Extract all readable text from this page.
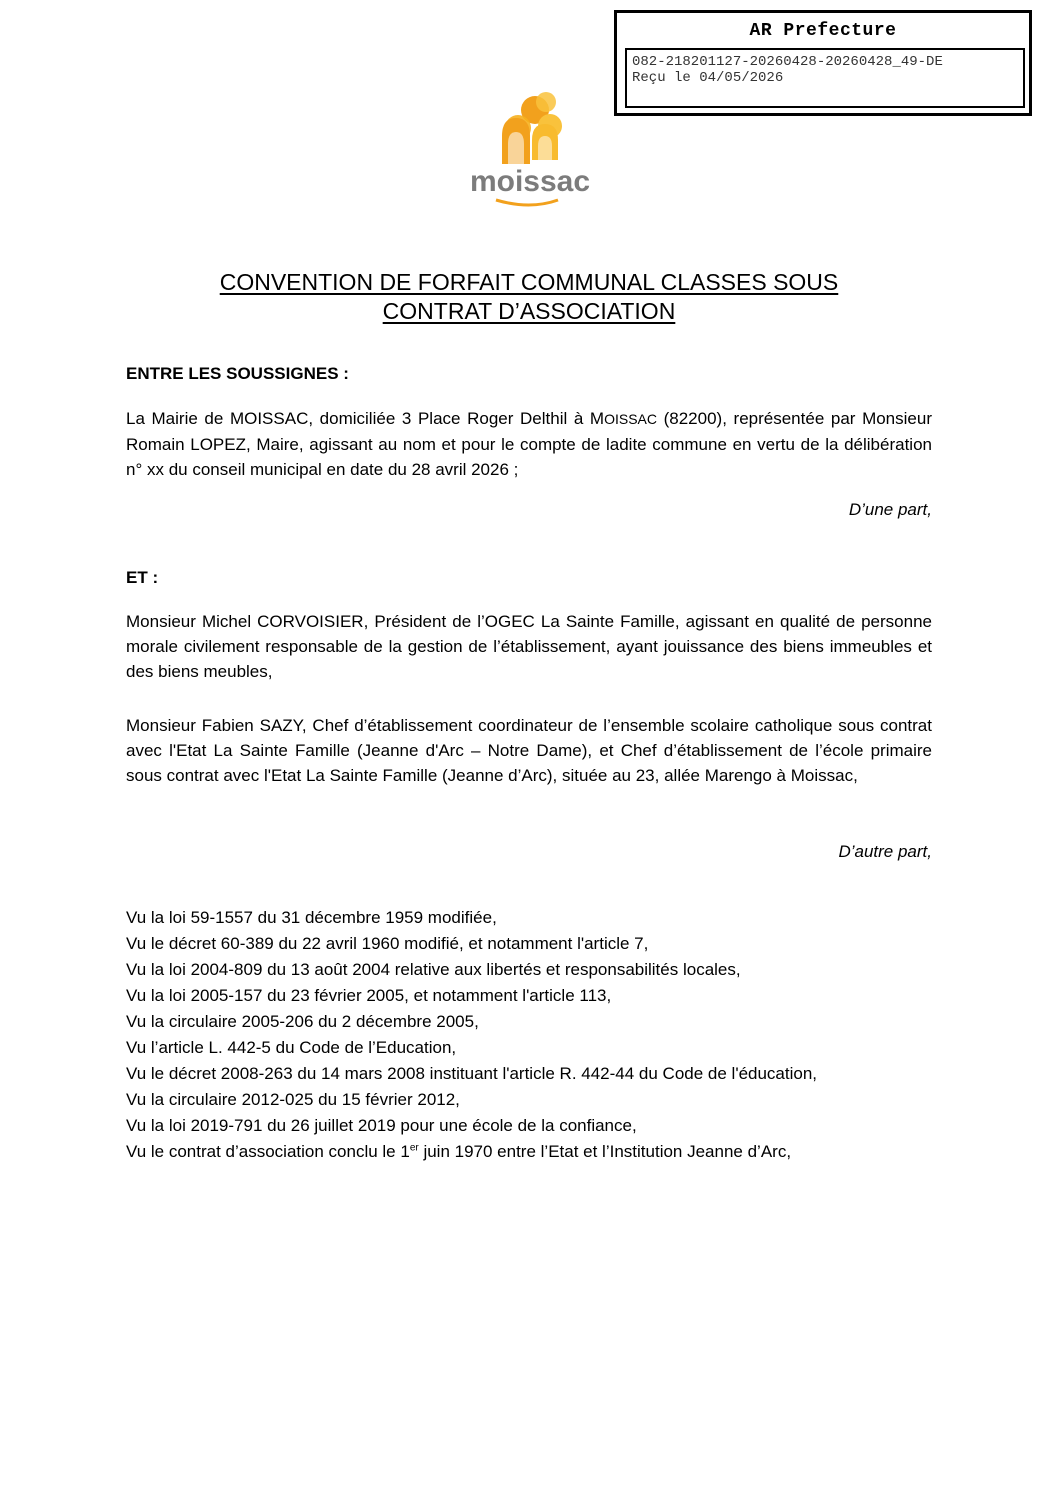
AR Prefecture
082-218201127-20260428-20260428_49-DE
Reçu le 04/05/2026
moissac
CONVENTION DE FORFAIT COMMUNAL CLASSES SOUS
CONTRAT D’ASSOCIATION
ENTRE LES SOUSSIGNES :
La Mairie de MOISSAC, domiciliée 3 Place Roger Delthil à MOISSAC (82200), représentée par Monsieur Romain LOPEZ, Maire, agissant au nom et pour le compte de ladite commune en vertu de la délibération n° xx du conseil municipal en date du 28 avril 2026 ;
D’une part,
ET :
Monsieur Michel CORVOISIER, Président de l’OGEC La Sainte Famille, agissant en qualité de personne morale civilement responsable de la gestion de l’établissement, ayant jouissance des biens immeubles et des biens meubles,
Monsieur Fabien SAZY, Chef d’établissement coordinateur de l’ensemble scolaire catholique sous contrat avec l'Etat La Sainte Famille (Jeanne d'Arc – Notre Dame), et Chef d’établissement de l’école primaire sous contrat avec l'Etat La Sainte Famille (Jeanne d’Arc), située au 23, allée Marengo à Moissac,
D’autre part,
Vu la loi 59-1557 du 31 décembre 1959 modifiée,
Vu le décret 60-389 du 22 avril 1960 modifié, et notamment l'article 7,
Vu la loi 2004-809 du 13 août 2004 relative aux libertés et responsabilités locales,
Vu la loi 2005-157 du 23 février 2005, et notamment l'article 113,
Vu la circulaire 2005-206 du 2 décembre 2005,
Vu l’article L. 442-5 du Code de l’Education,
Vu le décret 2008-263 du 14 mars 2008 instituant l'article R. 442-44 du Code de l'éducation,
Vu la circulaire 2012-025 du 15 février 2012,
Vu la loi 2019-791 du 26 juillet 2019 pour une école de la confiance,
Vu le contrat d’association conclu le 1er juin 1970 entre l’Etat et l’Institution Jeanne d’Arc,
